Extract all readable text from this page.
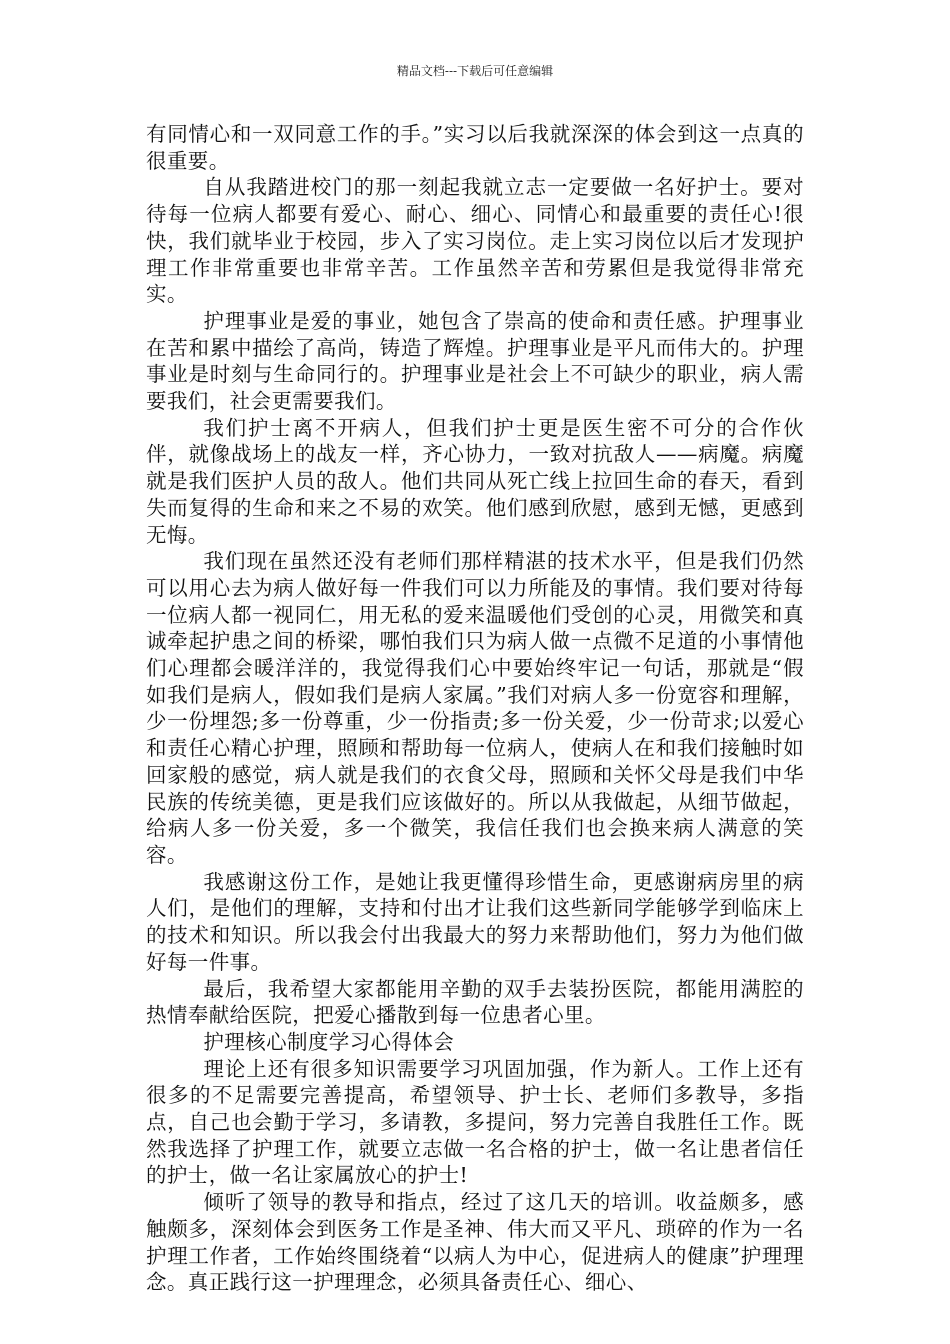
精品文档---下载后可任意编辑

有同情心和一双同意工作的手。”实习以后我就深深的体会到这一点真的很重要。

自从我踏进校门的那一刻起我就立志一定要做一名好护士。要对待每一位病人都要有爱心、耐心、细心、同情心和最重要的责任心!很快，我们就毕业于校园，步入了实习岗位。走上实习岗位以后才发现护理工作非常重要也非常辛苦。工作虽然辛苦和劳累但是我觉得非常充实。

护理事业是爱的事业，她包含了崇高的使命和责任感。护理事业在苦和累中描绘了高尚，铸造了辉煌。护理事业是平凡而伟大的。护理事业是时刻与生命同行的。护理事业是社会上不可缺少的职业，病人需要我们，社会更需要我们。

我们护士离不开病人，但我们护士更是医生密不可分的合作伙伴，就像战场上的战友一样，齐心协力，一致对抗敌人——病魔。病魔就是我们医护人员的敌人。他们共同从死亡线上拉回生命的春天，看到失而复得的生命和来之不易的欢笑。他们感到欣慰，感到无憾，更感到无悔。

我们现在虽然还没有老师们那样精湛的技术水平，但是我们仍然可以用心去为病人做好每一件我们可以力所能及的事情。我们要对待每一位病人都一视同仁，用无私的爱来温暖他们受创的心灵，用微笑和真诚牵起护患之间的桥梁，哪怕我们只为病人做一点微不足道的小事情他们心理都会暖洋洋的，我觉得我们心中要始终牢记一句话，那就是“假如我们是病人，假如我们是病人家属。”我们对病人多一份宽容和理解，少一份埋怨;多一份尊重，少一份指责;多一份关爱，少一份苛求;以爱心和责任心精心护理，照顾和帮助每一位病人，使病人在和我们接触时如回家般的感觉，病人就是我们的衣食父母，照顾和关怀父母是我们中华民族的传统美德，更是我们应该做好的。所以从我做起，从细节做起，给病人多一份关爱，多一个微笑，我信任我们也会换来病人满意的笑容。

我感谢这份工作，是她让我更懂得珍惜生命，更感谢病房里的病人们，是他们的理解，支持和付出才让我们这些新同学能够学到临床上的技术和知识。所以我会付出我最大的努力来帮助他们，努力为他们做好每一件事。

最后，我希望大家都能用辛勤的双手去装扮医院，都能用满腔的热情奉献给医院，把爱心播散到每一位患者心里。

护理核心制度学习心得体会

理论上还有很多知识需要学习巩固加强，作为新人。工作上还有很多的不足需要完善提高，希望领导、护士长、老师们多教导，多指点，自己也会勤于学习，多请教，多提问，努力完善自我胜任工作。既然我选择了护理工作，就要立志做一名合格的护士，做一名让患者信任的护士，做一名让家属放心的护士!

倾听了领导的教导和指点，经过了这几天的培训。收益颇多，感触颇多，深刻体会到医务工作是圣神、伟大而又平凡、琐碎的作为一名护理工作者，工作始终围绕着“以病人为中心，促进病人的健康”护理理念。真正践行这一护理理念，必须具备责任心、细心、
